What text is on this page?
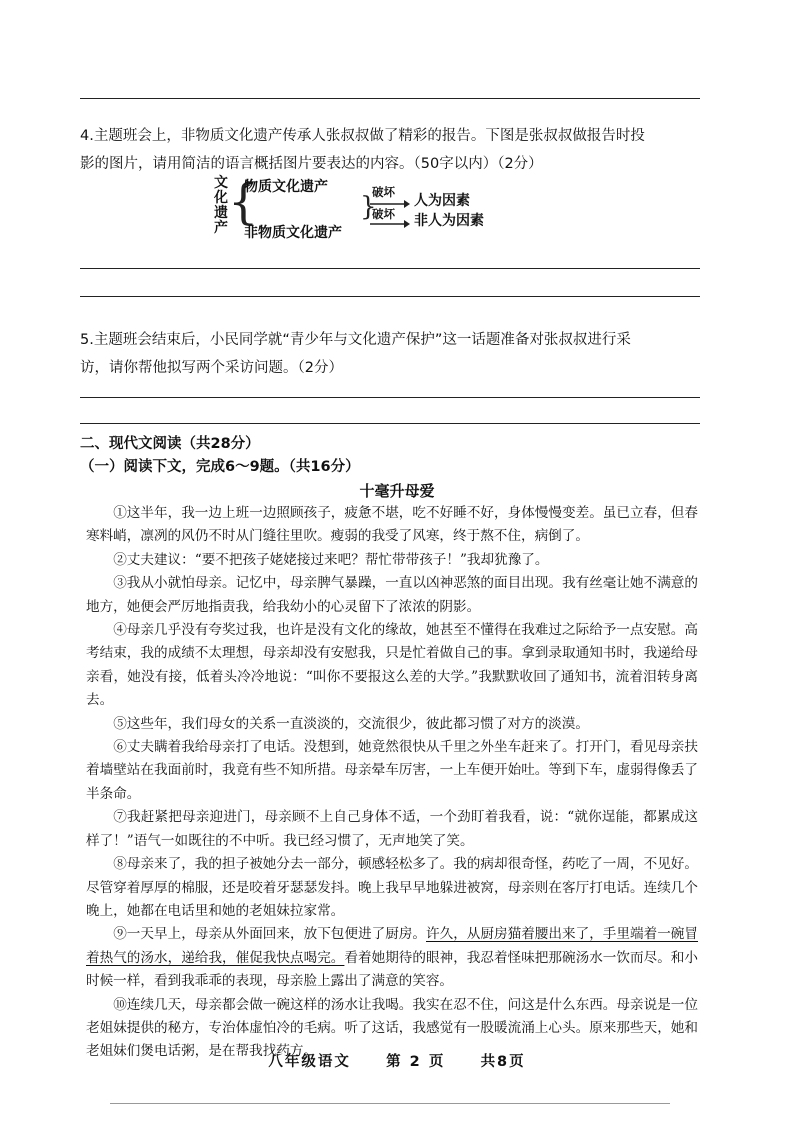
4.主题班会上，非物质文化遗产传承人张叔叔做了精彩的报告。下图是张叔叔做报告时投
影的图片，请用简洁的语言概括图片要表达的内容。（50字以内）（2分）
文化遗产 {
物质文化遗产
非物质文化遗产
}
破坏
人为因素
破坏 非人为因素
5.主题班会结束后，小民同学就“青少年与文化遗产保护”这一话题准备对张叔叔进行采
访，请你帮他拟写两个采访问题。（2分）
二、现代文阅读（共28分）
（一）阅读下文，完成6～9题。（共16分）
十毫升母爱

①这半年，我一边上班一边照顾孩子，疲惫不堪，吃不好睡不好，身体慢慢变差。虽已立春，但春寒料峭，凛冽的风仍不时从门缝往里吹。瘦弱的我受了风寒，终于熬不住，病倒了。

②丈夫建议：“要不把孩子姥姥接过来吧？帮忙带带孩子！”我却犹豫了。

③我从小就怕母亲。记忆中，母亲脾气暴躁，一直以凶神恶煞的面目出现。我有丝毫让她不满意的地方，她便会严厉地指责我，给我幼小的心灵留下了浓浓的阴影。

④母亲几乎没有夸奖过我，也许是没有文化的缘故，她甚至不懂得在我难过之际给予一点安慰。高考结束，我的成绩不太理想，母亲却没有安慰我，只是忙着做自己的事。拿到录取通知书时，我递给母亲看，她没有接，低着头冷冷地说：“叫你不要报这么差的大学。”我默默收回了通知书，流着泪转身离去。

⑤这些年，我们母女的关系一直淡淡的，交流很少，彼此都习惯了对方的淡漠。

⑥丈夫瞒着我给母亲打了电话。没想到，她竟然很快从千里之外坐车赶来了。打开门，看见母亲扶着墙壁站在我面前时，我竟有些不知所措。母亲晕车厉害，一上车便开始吐。等到下车，虚弱得像丢了半条命。

⑦我赶紧把母亲迎进门，母亲顾不上自己身体不适，一个劲盯着我看，说：“就你逞能，都累成这样了！”语气一如既往的不中听。我已经习惯了，无声地笑了笑。

⑧母亲来了，我的担子被她分去一部分，顿感轻松多了。我的病却很奇怪，药吃了一周，不见好。尽管穿着厚厚的棉服，还是咬着牙瑟瑟发抖。晚上我早早地躲进被窝，母亲则在客厅打电话。连续几个晚上，她都在电话里和她的老姐妹拉家常。

⑨一天早上，母亲从外面回来，放下包便进了厨房。许久，从厨房猫着腰出来了，手里端着一碗冒着热气的汤水，递给我，催促我快点喝完。看着她期待的眼神，我忍着怪味把那碗汤水一饮而尽。和小时候一样，看到我乖乖的表现，母亲脸上露出了满意的笑容。

⑩连续几天，母亲都会做一碗这样的汤水让我喝。我实在忍不住，问这是什么东西。母亲说是一位老姐妹提供的秘方，专治体虚怕冷的毛病。听了这话，我感觉有一股暖流涌上心头。原来那些天，她和老姐妹们煲电话粥，是在帮我找药方。

八年级语文 第 2 页 共8页
